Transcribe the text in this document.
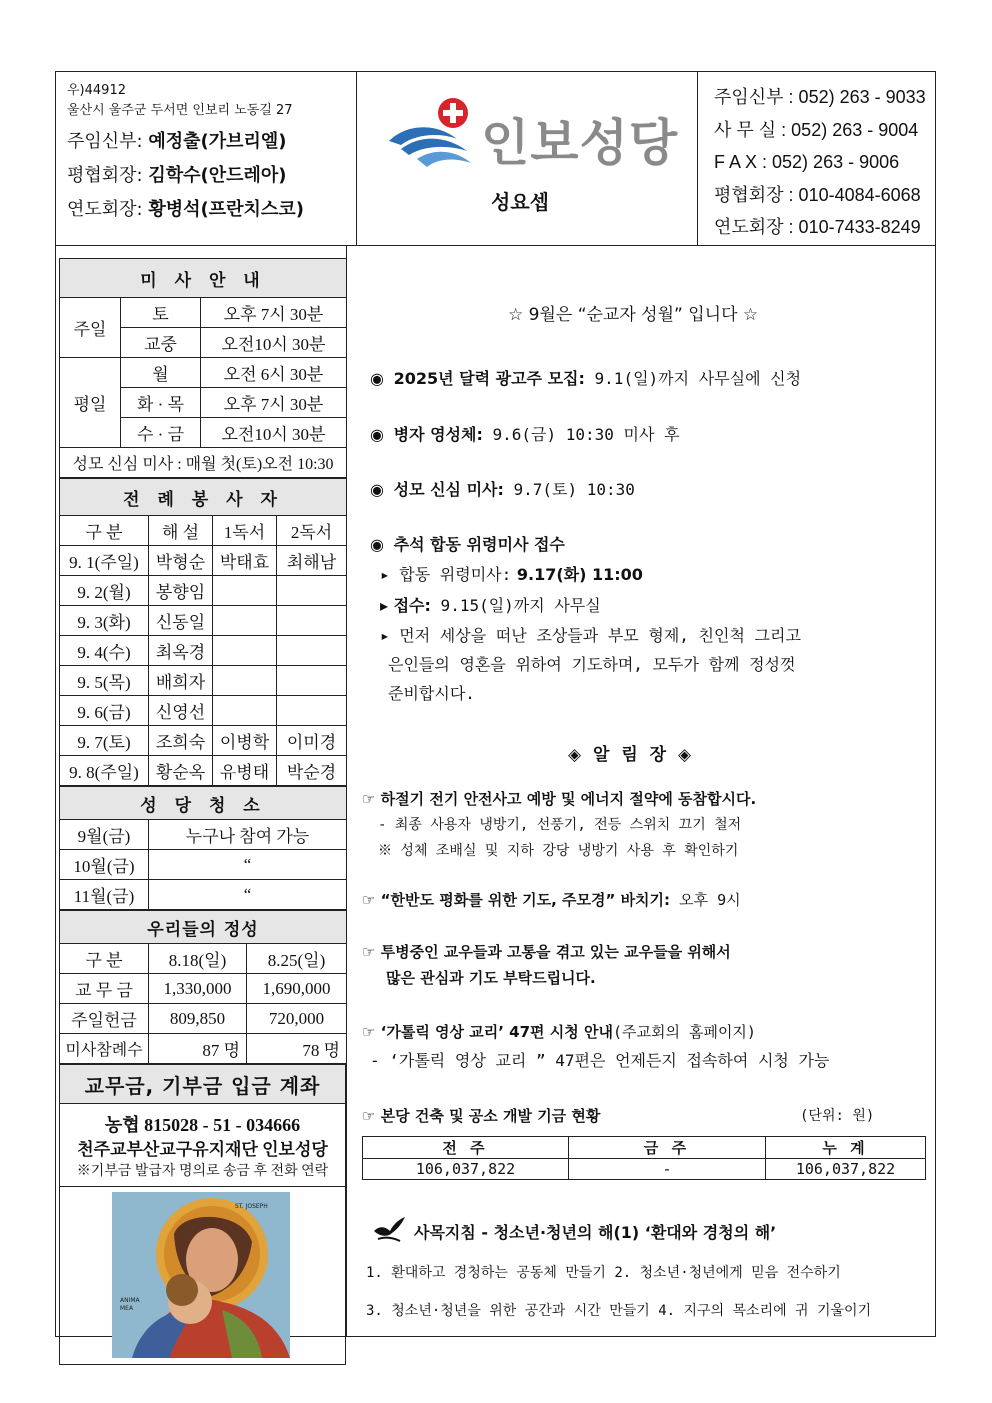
우)44912
울산시 울주군 두서면 인보리 노동길 27
주임신부: 예정출(가브리엘)
평협회장: 김학수(안드레아)
연도회장: 황병석(프란치스코)
인보성당
성요셉
주임신부 : 052) 263 - 9033
사 무 실 : 052) 263 - 9004
F A X : 052) 263 - 9006
평협회장 : 010-4084-6068
연도회장 : 010-7433-8249
미 사 안 내		
주일	토	오후 7시 30분
	교중	오전10시 30분
평일	월	오전 6시 30분
	화 · 목	오후 7시 30분
	수 · 금	오전10시 30분
성모 신심 미사 : 매월 첫(토)오전 10:30		
전 례 봉 사 자			
구 분	해 설	1독서	2독서
9. 1(주일)	박형순	박태효	최해남
9. 2(월)	봉향임		
9. 3(화)	신동일		
9. 4(수)	최옥경		
9. 5(목)	배희자		
9. 6(금)	신영선		
9. 7(토)	조희숙	이병학	이미경
9. 8(주일)	황순옥	유병태	박순경
성 당 청 소	
9월(금)	누구나 참여 가능
10월(금)	“
11월(금)	“
우리들의 정성		
구 분	8.18(일)	8.25(일)
교 무 금	1,330,000	1,690,000
주일헌금	809,850	720,000
미사참례수	87 명	78 명
교무금, 기부금 입금 계좌
농협 815028 - 51 - 034666
천주교부산교구유지재단 인보성당
※기부금 발급자 명의로 송금 후 전화 연락
ST. JOSEPH
ANIMA MEA
☆ 9월은 “순교자 성월” 입니다 ☆
◉ 2025년 달력 광고주 모집: 9.1(일)까지 사무실에 신청
◉ 병자 영성체: 9.6(금) 10:30 미사 후
◉ 성모 신심 미사: 9.7(토) 10:30
◉ 추석 합동 위령미사 접수
▸ 합동 위령미사: 9.17(화) 11:00
▸ 접수: 9.15(일)까지 사무실
▸ 먼저 세상을 떠난 조상들과 부모 형제, 친인척 그리고
은인들의 영혼을 위하여 기도하며, 모두가 함께 정성껏
준비합시다.
◈ 알 림 장 ◈
☞ 하절기 전기 안전사고 예방 및 에너지 절약에 동참합시다.
- 최종 사용자 냉방기, 선풍기, 전등 스위치 끄기 철저
※ 성체 조배실 및 지하 강당 냉방기 사용 후 확인하기
☞ “한반도 평화를 위한 기도, 주모경” 바치기: 오후 9시
☞ 투병중인 교우들과 고통을 겪고 있는 교우들을 위해서
많은 관심과 기도 부탁드립니다.
☞ ‘가톨릭 영상 교리’ 47편 시청 안내(주교회의 홈페이지)
- ‘가톨릭 영상 교리 ” 47편은 언제든지 접속하여 시청 가능
☞ 본당 건축 및 공소 개발 기금 현황	(단위: 원)
전 주	금 주	누 계
106,037,822	-	106,037,822
사목지침 - 청소년·청년의 해(1) ‘환대와 경청의 해’
1. 환대하고 경청하는 공동체 만들기 2. 청소년·청년에게 믿음 전수하기
3. 청소년·청년을 위한 공간과 시간 만들기 4. 지구의 목소리에 귀 기울이기
